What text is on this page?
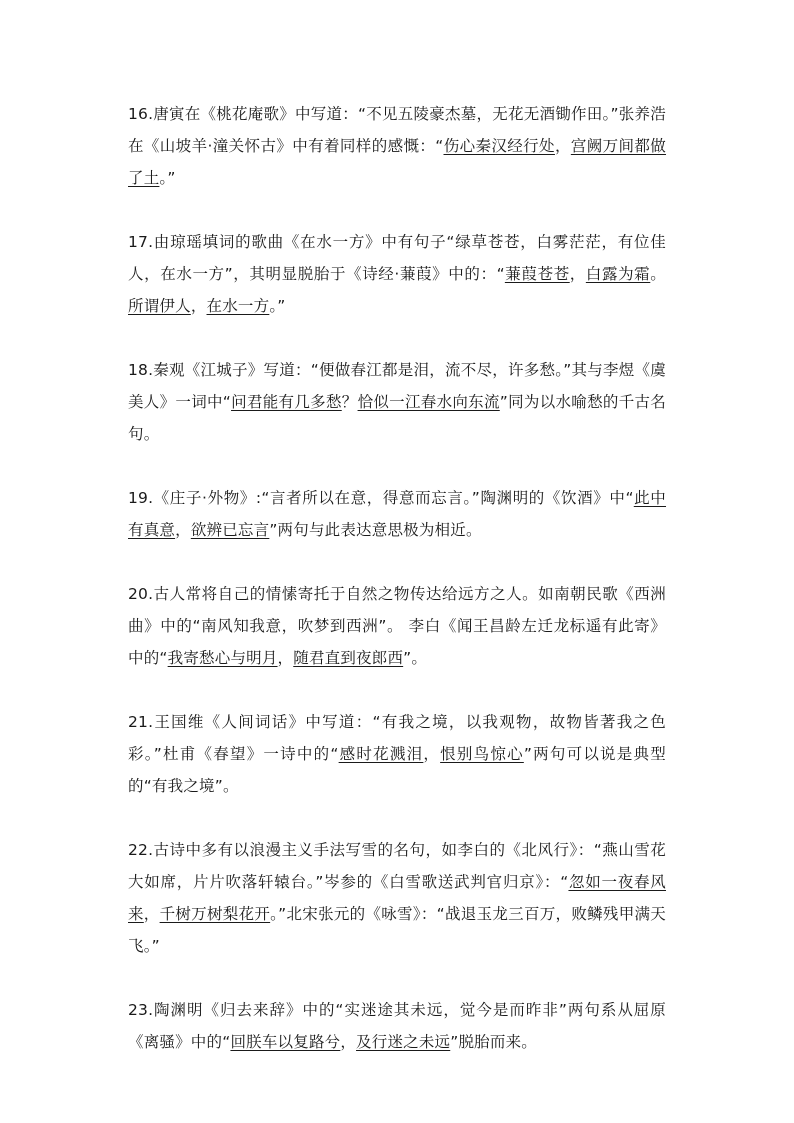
16.唐寅在《桃花庵歌》中写道：“不见五陵豪杰墓，无花无酒锄作田。”张养浩在《山坡羊·潼关怀古》中有着同样的感慨：“伤心秦汉经行处，宫阙万间都做了土。”

17.由琼瑶填词的歌曲《在水一方》中有句子“绿草苍苍，白雾茫茫，有位佳人，在水一方”，其明显脱胎于《诗经·蒹葭》中的：“蒹葭苍苍，白露为霜。所谓伊人，在水一方。”

18.秦观《江城子》写道：“便做春江都是泪，流不尽，许多愁。”其与李煜《虞美人》一词中“问君能有几多愁？恰似一江春水向东流”同为以水喻愁的千古名句。

19.《庄子·外物》:“言者所以在意，得意而忘言。”陶渊明的《饮酒》中“此中有真意，欲辨已忘言”两句与此表达意思极为相近。

20.古人常将自己的情愫寄托于自然之物传达给远方之人。如南朝民歌《西洲曲》中的“南风知我意，吹梦到西洲”。 李白《闻王昌龄左迁龙标遥有此寄》中的“我寄愁心与明月，随君直到夜郎西”。

21.王国维《人间词话》中写道：“有我之境，以我观物，故物皆著我之色彩。”杜甫《春望》一诗中的“感时花溅泪，恨别鸟惊心”两句可以说是典型的“有我之境”。

22.古诗中多有以浪漫主义手法写雪的名句，如李白的《北风行》：“燕山雪花大如席，片片吹落轩辕台。”岑参的《白雪歌送武判官归京》：“忽如一夜春风来，千树万树梨花开。”北宋张元的《咏雪》：“战退玉龙三百万，败鳞残甲满天飞。”

23.陶渊明《归去来辞》中的“实迷途其未远，觉今是而昨非”两句系从屈原《离骚》中的“回朕车以复路兮，及行迷之未远”脱胎而来。
